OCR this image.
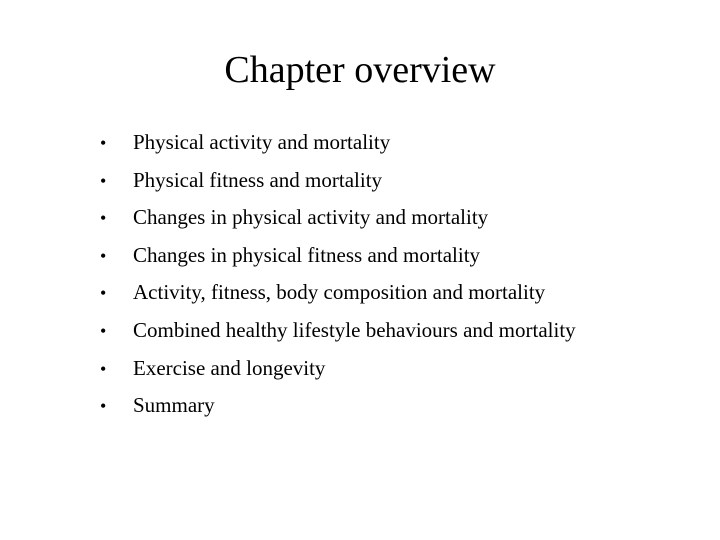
Chapter overview
•	Physical activity and mortality
•	Physical fitness and mortality
•	Changes in physical activity and mortality
•	Changes in physical fitness and mortality
•	Activity, fitness, body composition and mortality
•	Combined healthy lifestyle behaviours and mortality
•	Exercise and longevity
•	Summary
